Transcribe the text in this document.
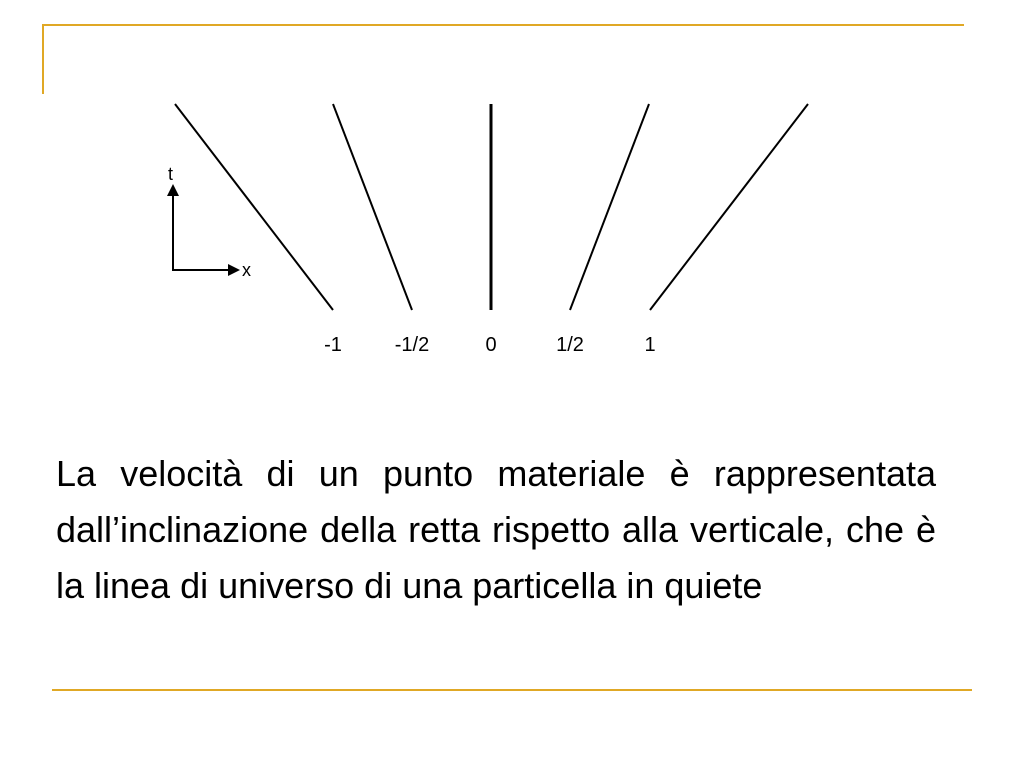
t
x
-1	-1/2	0	1/2	1

La velocità di un punto materiale è rappresentata dall’inclinazione della retta rispetto alla verticale, che è la linea di universo di una particella in quiete
